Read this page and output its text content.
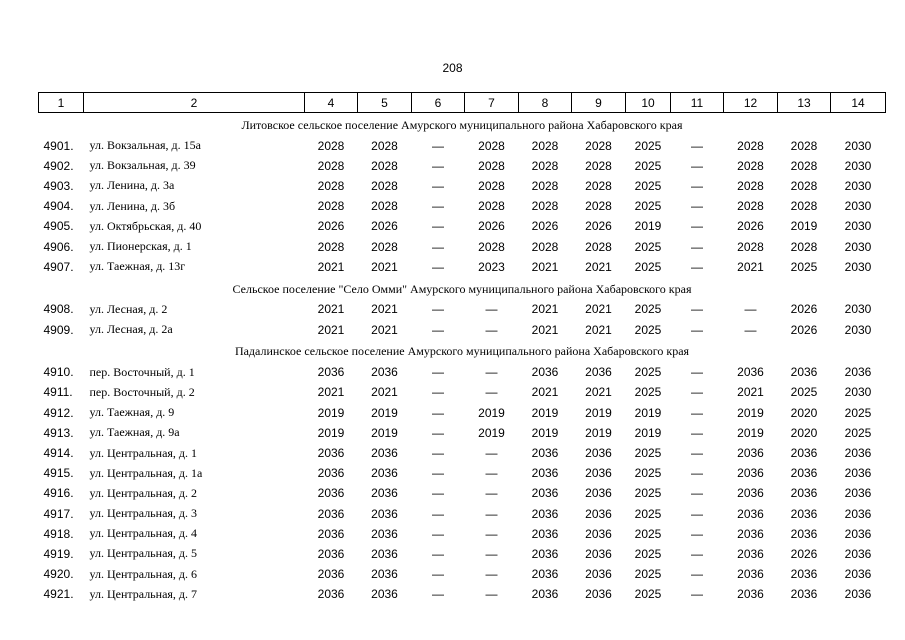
208
1	2	4	5	6	7	8	9	10	11	12	13	14
Литовское сельское поселение Амурского муниципального района Хабаровского края												
4901.	ул. Вокзальная, д. 15а	2028	2028	—	2028	2028	2028	2025	—	2028	2028	2030
4902.	ул. Вокзальная, д. 39	2028	2028	—	2028	2028	2028	2025	—	2028	2028	2030
4903.	ул. Ленина, д. 3а	2028	2028	—	2028	2028	2028	2025	—	2028	2028	2030
4904.	ул. Ленина, д. 3б	2028	2028	—	2028	2028	2028	2025	—	2028	2028	2030
4905.	ул. Октябрьская, д. 40	2026	2026	—	2026	2026	2026	2019	—	2026	2019	2030
4906.	ул. Пионерская, д. 1	2028	2028	—	2028	2028	2028	2025	—	2028	2028	2030
4907.	ул. Таежная, д. 13г	2021	2021	—	2023	2021	2021	2025	—	2021	2025	2030
Сельское поселение "Село Омми" Амурского муниципального района Хабаровского края												
4908.	ул. Лесная, д. 2	2021	2021	—	—	2021	2021	2025	—	—	2026	2030
4909.	ул. Лесная, д. 2а	2021	2021	—	—	2021	2021	2025	—	—	2026	2030
Падалинское сельское поселение Амурского муниципального района Хабаровского края												
4910.	пер. Восточный, д. 1	2036	2036	—	—	2036	2036	2025	—	2036	2036	2036
4911.	пер. Восточный, д. 2	2021	2021	—	—	2021	2021	2025	—	2021	2025	2030
4912.	ул. Таежная, д. 9	2019	2019	—	2019	2019	2019	2019	—	2019	2020	2025
4913.	ул. Таежная, д. 9а	2019	2019	—	2019	2019	2019	2019	—	2019	2020	2025
4914.	ул. Центральная, д. 1	2036	2036	—	—	2036	2036	2025	—	2036	2036	2036
4915.	ул. Центральная, д. 1а	2036	2036	—	—	2036	2036	2025	—	2036	2036	2036
4916.	ул. Центральная, д. 2	2036	2036	—	—	2036	2036	2025	—	2036	2036	2036
4917.	ул. Центральная, д. 3	2036	2036	—	—	2036	2036	2025	—	2036	2036	2036
4918.	ул. Центральная, д. 4	2036	2036	—	—	2036	2036	2025	—	2036	2036	2036
4919.	ул. Центральная, д. 5	2036	2036	—	—	2036	2036	2025	—	2036	2026	2036
4920.	ул. Центральная, д. 6	2036	2036	—	—	2036	2036	2025	—	2036	2036	2036
4921.	ул. Центральная, д. 7	2036	2036	—	—	2036	2036	2025	—	2036	2036	2036
